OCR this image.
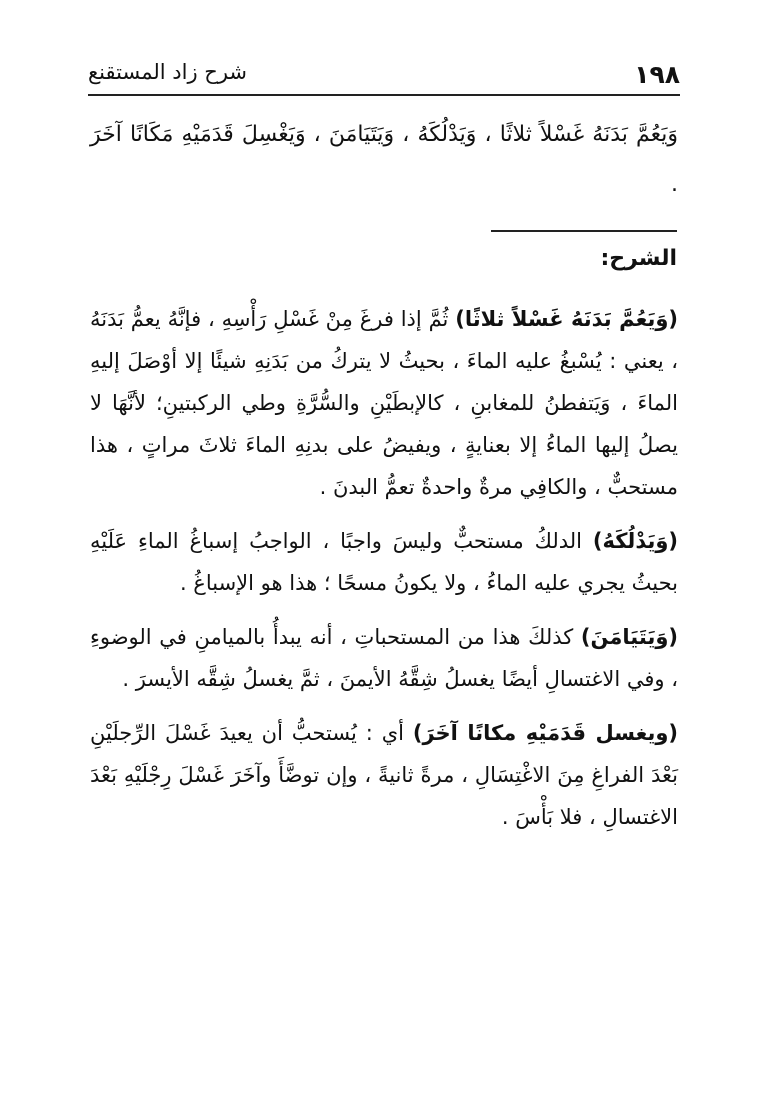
١٩٨
شرح زاد المستقنع

وَيَعُمَّ بَدَنَهُ غَسْلاً ثلاثًا ، وَيَدْلُكَهُ ، وَيَتَيَامَنَ ، وَيَغْسِلَ قَدَمَيْهِ مَكَانًا آخَرَ .

الشرح:

(وَيَعُمَّ بَدَنَهُ غَسْلاً ثلاثًا) ثُمَّ إذا فرغَ مِنْ غَسْلِ رَأْسِهِ ، فإنَّهُ يعمُّ بَدَنَهُ ، يعني : يُسْبغُ عليه الماءَ ، بحيثُ لا يتركُ من بَدَنِهِ شيئًا إلا أوْصَلَ إليهِ الماءَ ، وَيَتفطنُ للمغابنِ ، كالإبطَيْنِ والسُّرَّةِ وطي الركبتينِ؛ لأنَّهَا لا يصلُ إليها الماءُ إلا بعنايةٍ ، ويفيضُ على بدنِهِ الماءَ ثلاثَ مراتٍ ، هذا مستحبٌّ ، والكافِي مرةٌ واحدةٌ تعمُّ البدنَ .

(وَيَدْلُكَهُ) الدلكُ مستحبٌّ وليسَ واجبًا ، الواجبُ إسباغُ الماءِ عَلَيْهِ بحيثُ يجري عليه الماءُ ، ولا يكونُ مسحًا ؛ هذا هو الإسباغُ .

(وَيَتَيَامَنَ) كذلكَ هذا من المستحباتِ ، أنه يبدأُ بالميامنِ في الوضوءِ ، وفي الاغتسالِ أيضًا يغسلُ شِقَّهُ الأيمنَ ، ثمَّ يغسلُ شِقَّه الأيسرَ .

(ويغسل قَدَمَيْهِ مكانًا آخَرَ) أي : يُستحبُّ أن يعيدَ غَسْلَ الرِّجلَيْنِ بَعْدَ الفراغِ مِنَ الاغْتِسَالِ ، مرةً ثانيةً ، وإن توضَّأَ وآخَرَ غَسْلَ رِجْلَيْهِ بَعْدَ الاغتسالِ ، فلا بَأْسَ .
